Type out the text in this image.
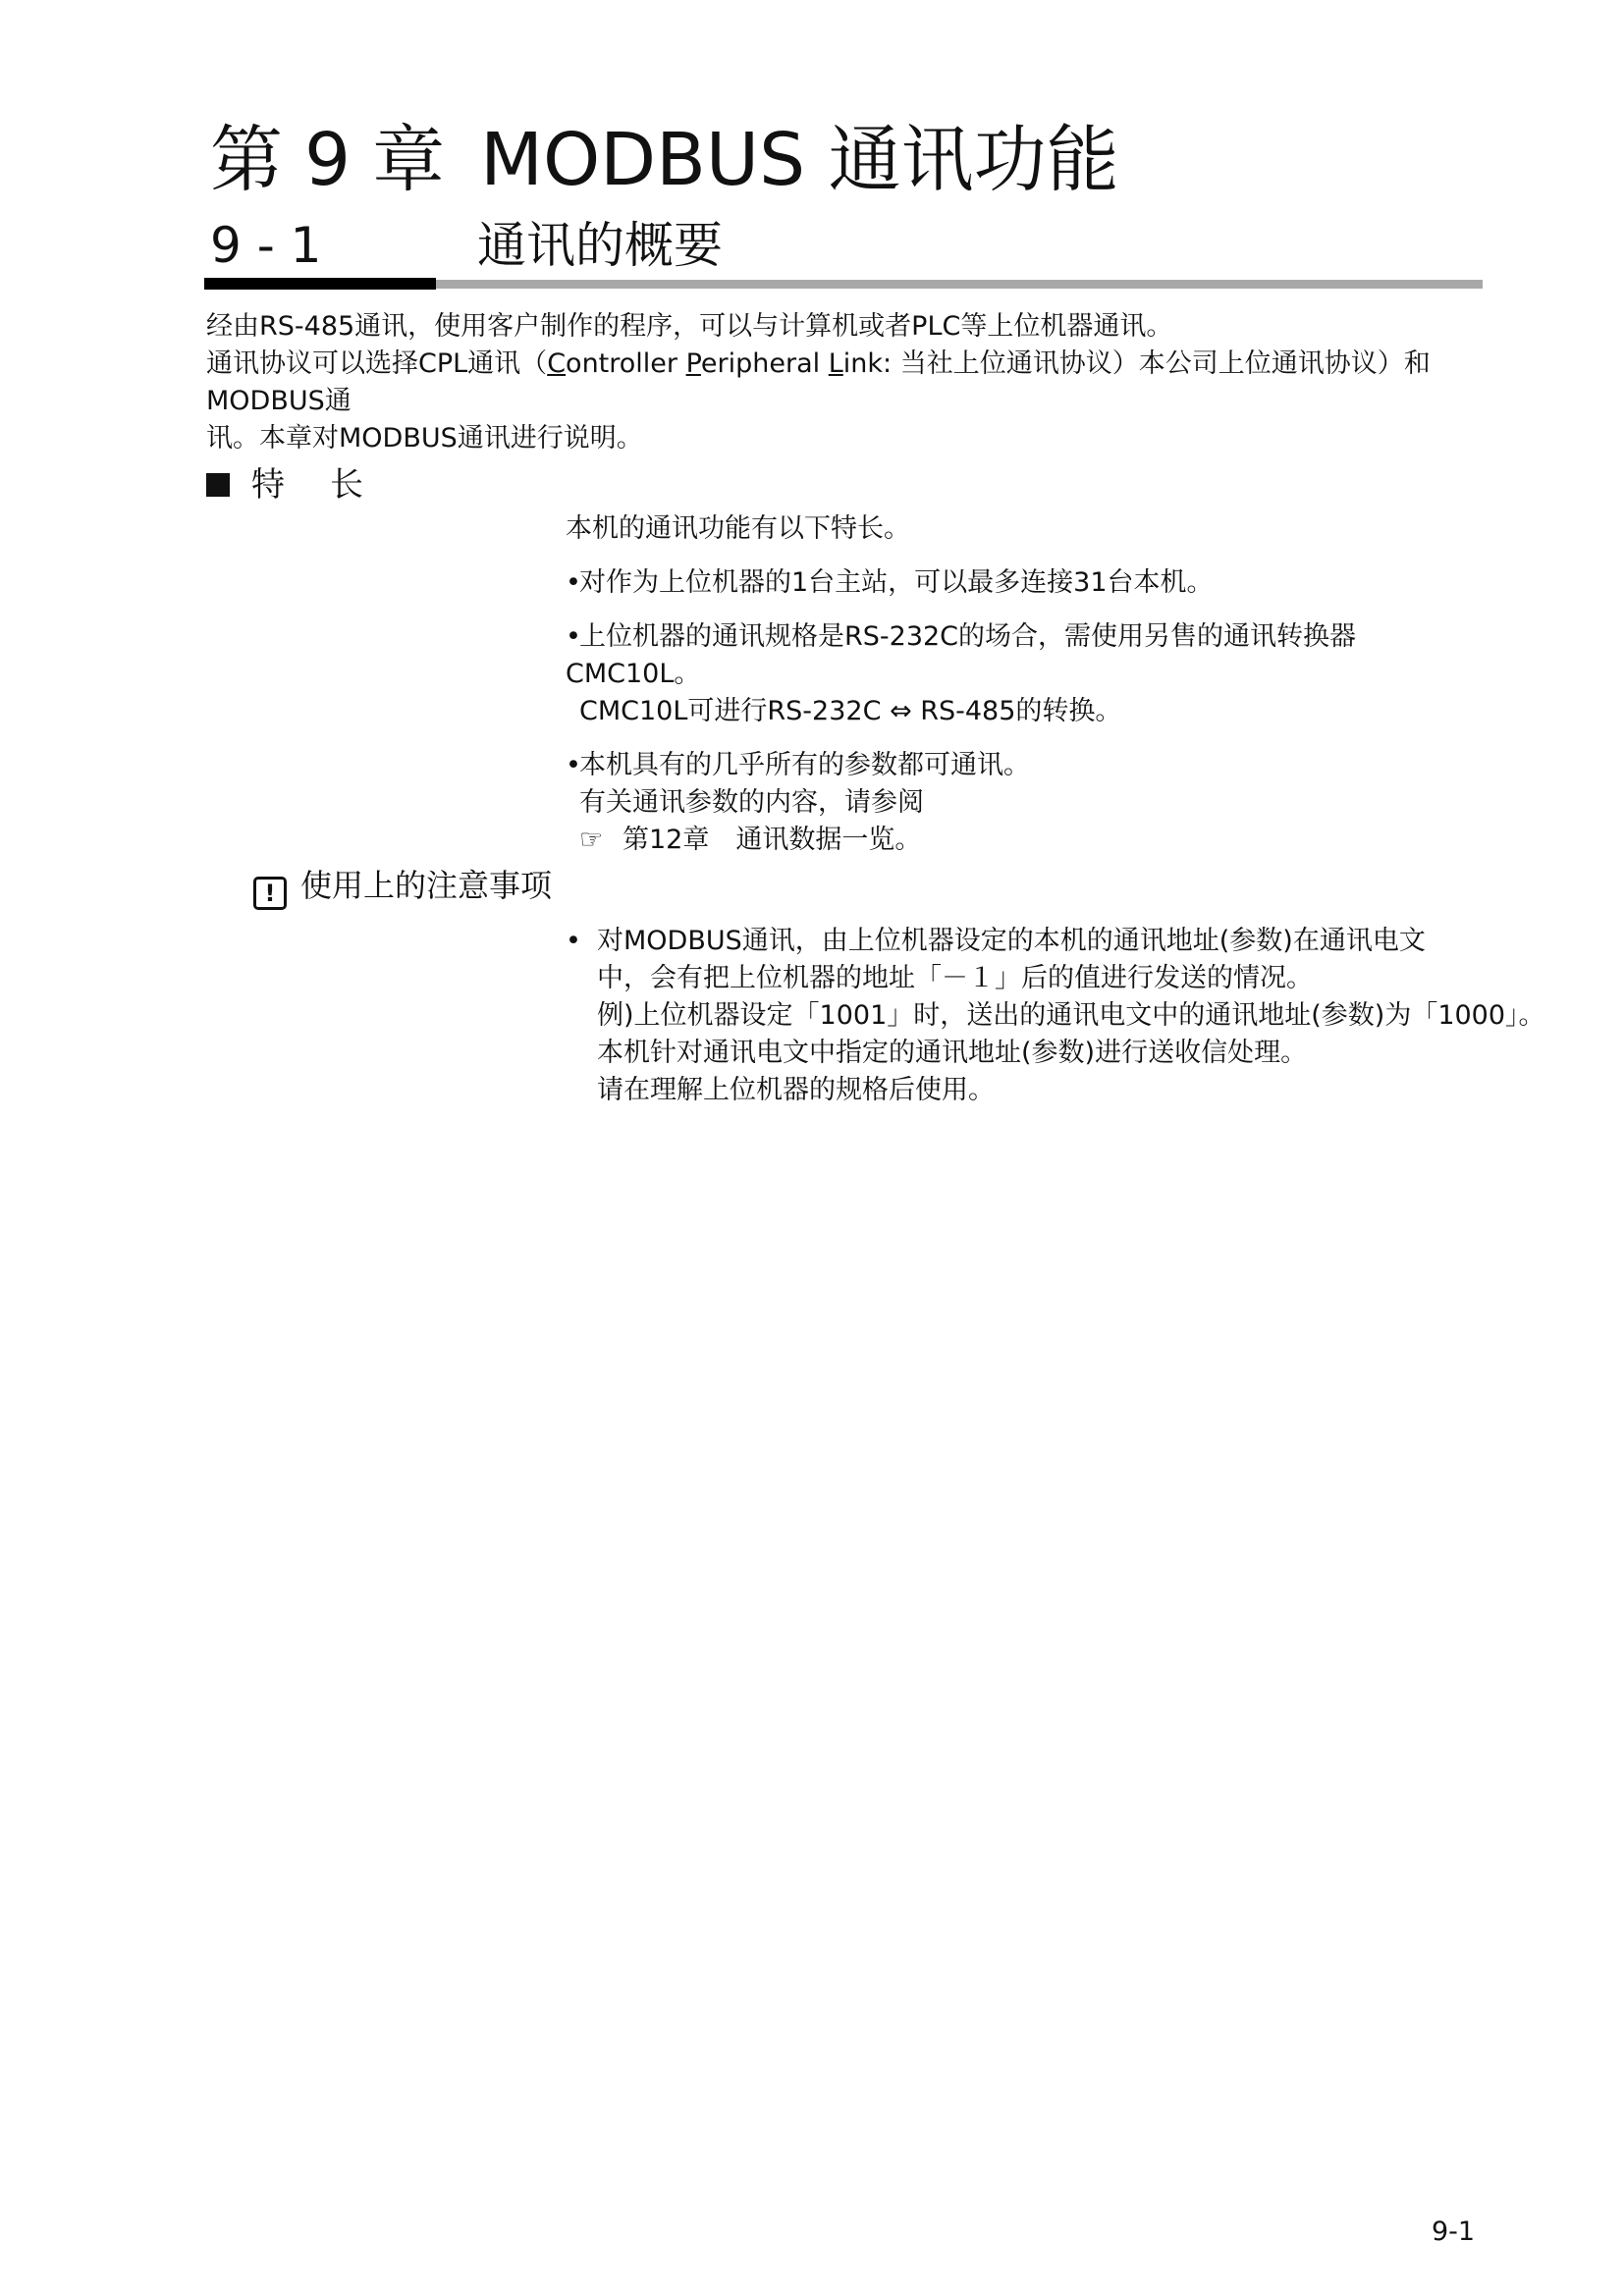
第 9 章 MODBUS 通讯功能
9 - 1	通讯的概要

经由RS-485通讯，使用客户制作的程序，可以与计算机或者PLC等上位机器通讯。

通讯协议可以选择CPL通讯（Controller Peripheral Link: 当社上位通讯协议）本公司上位通讯协议）和MODBUS通

讯。本章对MODBUS通讯进行说明。

特 长

本机的通讯功能有以下特长。

•对作为上位机器的1台主站，可以最多连接31台本机。

•上位机器的通讯规格是RS-232C的场合，需使用另售的通讯转换器CMC10L。

CMC10L可进行RS-232C ⇔ RS-485的转换。

•本机具有的几乎所有的参数都可通讯。

有关通讯参数的内容，请参阅

☞ 第12章　通讯数据一览。

! 使用上的注意事项
• 对MODBUS通讯，由上位机器设定的本机的通讯地址(参数)在通讯电文

中，会有把上位机器的地址「－１」后的值进行发送的情况。

例)上位机器设定「1001」时，送出的通讯电文中的通讯地址(参数)为「1000」。

本机针对通讯电文中指定的通讯地址(参数)进行送收信处理。

请在理解上位机器的规格后使用。

9-1
